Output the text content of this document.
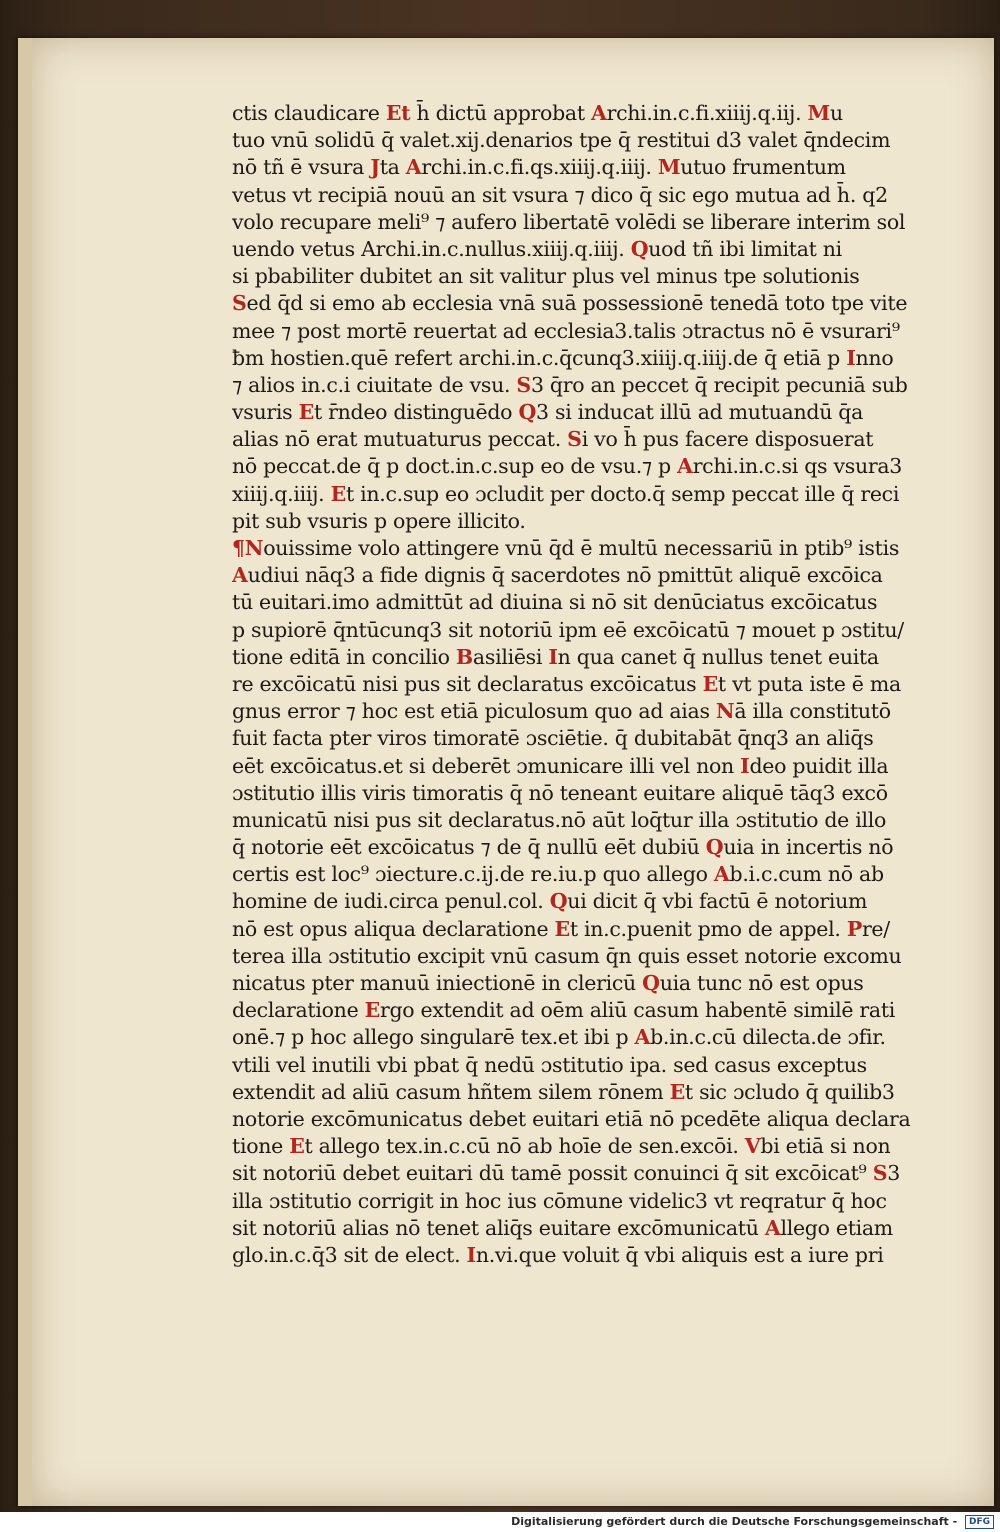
ctis claudicare Et h̄ dictū approbat Archi.in.c.fi.xiiij.q.iij. Mu
tuo vnū solidū q̄ valet.xij.denarios tpe q̄ restitui d3 valet q̄ndecim
nō tñ ē vsura Jta Archi.in.c.fi.qs.xiiij.q.iiij. Mutuo frumentum
vetus vt recipiā nouū an sit vsura ⁊ dico q̄ sic ego mutua ad h̄. q2
volo recupare meli⁹ ⁊ aufero libertatē volēdi se liberare interim sol
uendo vetus Archi.in.c.nullus.xiiij.q.iiij. Quod tñ ibi limitat ni
si pbabiliter dubitet an sit valitur plus vel minus tpe solutionis
Sed q̄d si emo ab ecclesia vnā suā possessionē tenedā toto tpe vite
mee ⁊ post mortē reuertat ad ecclesia3.talis ɔtractus nō ē vsurari⁹
ƀm hostien.quē refert archi.in.c.q̄cunq3.xiiij.q.iiij.de q̄ etiā p Inno
⁊ alios in.c.i ciuitate de vsu. S3 q̄ro an peccet q̄ recipit pecuniā sub
vsuris Et r̄ndeo distinguēdo Q3 si inducat illū ad mutuandū q̄a
alias nō erat mutuaturus peccat. Si vo h̄ pus facere disposuerat
nō peccat.de q̄ p doct.in.c.sup eo de vsu.⁊ p Archi.in.c.si qs vsura3
xiiij.q.iiij. Et in.c.sup eo ɔcludit per docto.q̄ semp peccat ille q̄ reci
pit sub vsuris p opere illicito.
¶Nouissime volo attingere vnū q̄d ē multū necessariū in ptib⁹ istis
Audiui nāq3 a fide dignis q̄ sacerdotes nō pmittūt aliquē excōica
tū euitari.imo admittūt ad diuina si nō sit denūciatus excōicatus
p supiorē q̄ntūcunq3 sit notoriū ipm eē excōicatū ⁊ mouet p ɔstitu/
tione editā in concilio Basiliēsi In qua canet q̄ nullus tenet euita
re excōicatū nisi pus sit declaratus excōicatus Et vt puta iste ē ma
gnus error ⁊ hoc est etiā piculosum quo ad aias Nā illa constitutō
fuit facta pter viros timoratē ɔsciētie. q̄ dubitabāt q̄nq3 an aliq̄s
eēt excōicatus.et si deberēt ɔmunicare illi vel non Ideo puidit illa
ɔstitutio illis viris timoratis q̄ nō teneant euitare aliquē tāq3 excō
municatū nisi pus sit declaratus.nō aūt loq̄tur illa ɔstitutio de illo
q̄ notorie eēt excōicatus ⁊ de q̄ nullū eēt dubiū Quia in incertis nō
certis est loc⁹ ɔiecture.c.ij.de re.iu.p quo allego Ab.i.c.cum nō ab
homine de iudi.circa penul.col. Qui dicit q̄ vbi factū ē notorium
nō est opus aliqua declaratione Et in.c.puenit pmo de appel. Pre/
terea illa ɔstitutio excipit vnū casum q̄n quis esset notorie excomu
nicatus pter manuū iniectionē in clericū Quia tunc nō est opus
declaratione Ergo extendit ad oēm aliū casum habentē similē rati
onē.⁊ p hoc allego singularē tex.et ibi p Ab.in.c.cū dilecta.de ɔfir.
vtili vel inutili vbi pbat q̄ nedū ɔstitutio ipa. sed casus exceptus
extendit ad aliū casum hñtem silem rōnem Et sic ɔcludo q̄ quilib3
notorie excōmunicatus debet euitari etiā nō pcedēte aliqua declara
tione Et allego tex.in.c.cū nō ab hoīe de sen.excōi. Vbi etiā si non
sit notoriū debet euitari dū tamē possit conuinci q̄ sit excōicat⁹ S3
illa ɔstitutio corrigit in hoc ius cōmune videlic3 vt reqratur q̄ hoc
sit notoriū alias nō tenet aliq̄s euitare excōmunicatū Allego etiam
glo.in.c.q̄3 sit de elect. In.vi.que voluit q̄ vbi aliquis est a iure pri
Digitalisierung gefördert durch die Deutsche Forschungsgemeinschaft - DFG
